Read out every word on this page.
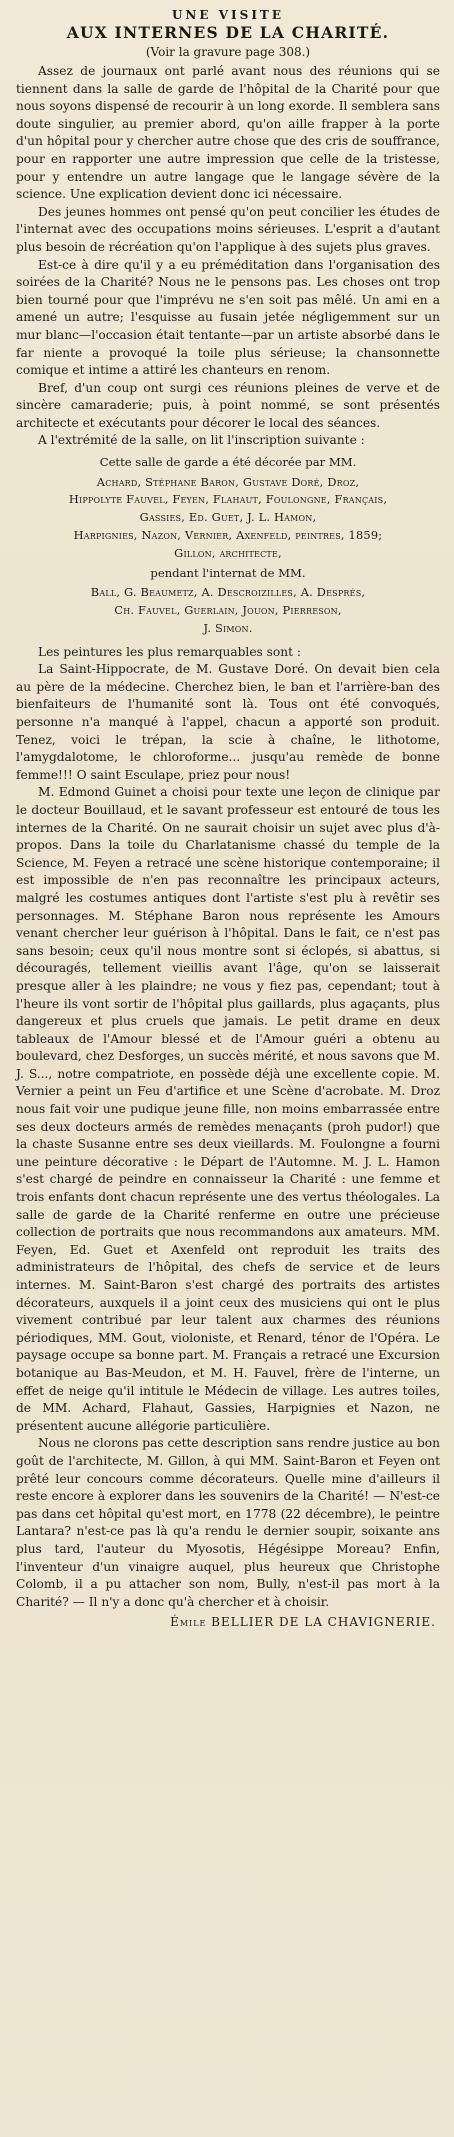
UNE VISITE
AUX INTERNES DE LA CHARITÉ.
(Voir la gravure page 308.)

Assez de journaux ont parlé avant nous des réunions qui se tiennent dans la salle de garde de l'hôpital de la Charité pour que nous soyons dispensé de recourir à un long exorde. Il semblera sans doute singulier, au premier abord, qu'on aille frapper à la porte d'un hôpital pour y chercher autre chose que des cris de souffrance, pour en rapporter une autre impression que celle de la tristesse, pour y entendre un autre langage que le langage sévère de la science. Une explication devient donc ici nécessaire.

Des jeunes hommes ont pensé qu'on peut concilier les études de l'internat avec des occupations moins sérieuses. L'esprit a d'autant plus besoin de récréation qu'on l'applique à des sujets plus graves.

Est-ce à dire qu'il y a eu préméditation dans l'organisation des soirées de la Charité? Nous ne le pensons pas. Les choses ont trop bien tourné pour que l'imprévu ne s'en soit pas mêlé. Un ami en a amené un autre; l'esquisse au fusain jetée négligemment sur un mur blanc—l'occasion était tentante—par un artiste absorbé dans le far niente a provoqué la toile plus sérieuse; la chansonnette comique et intime a attiré les chanteurs en renom.

Bref, d'un coup ont surgi ces réunions pleines de verve et de sincère camaraderie; puis, à point nommé, se sont présentés architecte et exécutants pour décorer le local des séances.

A l'extrémité de la salle, on lit l'inscription suivante :

Cette salle de garde a été décorée par MM.

Achard, Stéphane Baron, Gustave Doré, Droz,
Hippolyte Fauvel, Feyen, Flahaut, Foulongne, Français,
Gassies, Ed. Guet, J. L. Hamon,
Harpignies, Nazon, Vernier, Axenfeld, peintres, 1859;
Gillon, architecte,

pendant l'internat de MM.

Ball, G. Beaumetz, A. Descroizilles, A. Després,
Ch. Fauvel, Guerlain, Jouon, Pierreson,
J. Simon.

Les peintures les plus remarquables sont :

La Saint-Hippocrate, de M. Gustave Doré. On devait bien cela au père de la médecine. Cherchez bien, le ban et l'arrière-ban des bienfaiteurs de l'humanité sont là. Tous ont été convoqués, personne n'a manqué à l'appel, chacun a apporté son produit. Tenez, voici le trépan, la scie à chaîne, le lithotome, l'amygdalotome, le chloroforme... jusqu'au remède de bonne femme!!! O saint Esculape, priez pour nous!

M. Edmond Guinet a choisi pour texte une leçon de clinique par le docteur Bouillaud, et le savant professeur est entouré de tous les internes de la Charité. On ne saurait choisir un sujet avec plus d'à-propos. Dans la toile du Charlatanisme chassé du temple de la Science, M. Feyen a retracé une scène historique contemporaine; il est impossible de n'en pas reconnaître les principaux acteurs, malgré les costumes antiques dont l'artiste s'est plu à revêtir ses personnages. M. Stéphane Baron nous représente les Amours venant chercher leur guérison à l'hôpital. Dans le fait, ce n'est pas sans besoin; ceux qu'il nous montre sont si éclopés, si abattus, si découragés, tellement vieillis avant l'âge, qu'on se laisserait presque aller à les plaindre; ne vous y fiez pas, cependant; tout à l'heure ils vont sortir de l'hôpital plus gaillards, plus agaçants, plus dangereux et plus cruels que jamais. Le petit drame en deux tableaux de l'Amour blessé et de l'Amour guéri a obtenu au boulevard, chez Desforges, un succès mérité, et nous savons que M. J. S..., notre compatriote, en possède déjà une excellente copie. M. Vernier a peint un Feu d'artifice et une Scène d'acrobate. M. Droz nous fait voir une pudique jeune fille, non moins embarrassée entre ses deux docteurs armés de remèdes menaçants (proh pudor!) que la chaste Susanne entre ses deux vieillards. M. Foulongne a fourni une peinture décorative : le Départ de l'Automne. M. J. L. Hamon s'est chargé de peindre en connaisseur la Charité : une femme et trois enfants dont chacun représente une des vertus théologales. La salle de garde de la Charité renferme en outre une précieuse collection de portraits que nous recommandons aux amateurs. MM. Feyen, Ed. Guet et Axenfeld ont reproduit les traits des administrateurs de l'hôpital, des chefs de service et de leurs internes. M. Saint-Baron s'est chargé des portraits des artistes décorateurs, auxquels il a joint ceux des musiciens qui ont le plus vivement contribué par leur talent aux charmes des réunions périodiques, MM. Gout, violoniste, et Renard, ténor de l'Opéra. Le paysage occupe sa bonne part. M. Français a retracé une Excursion botanique au Bas-Meudon, et M. H. Fauvel, frère de l'interne, un effet de neige qu'il intitule le Médecin de village. Les autres toiles, de MM. Achard, Flahaut, Gassies, Harpignies et Nazon, ne présentent aucune allégorie particulière.

Nous ne clorons pas cette description sans rendre justice au bon goût de l'architecte, M. Gillon, à qui MM. Saint-Baron et Feyen ont prêté leur concours comme décorateurs. Quelle mine d'ailleurs il reste encore à explorer dans les souvenirs de la Charité! — N'est-ce pas dans cet hôpital qu'est mort, en 1778 (22 décembre), le peintre Lantara? n'est-ce pas là qu'a rendu le dernier soupir, soixante ans plus tard, l'auteur du Myosotis, Hégésippe Moreau? Enfin, l'inventeur d'un vinaigre auquel, plus heureux que Christophe Colomb, il a pu attacher son nom, Bully, n'est-il pas mort à la Charité? — Il n'y a donc qu'à chercher et à choisir.

Émile BELLIER DE LA CHAVIGNERIE.
